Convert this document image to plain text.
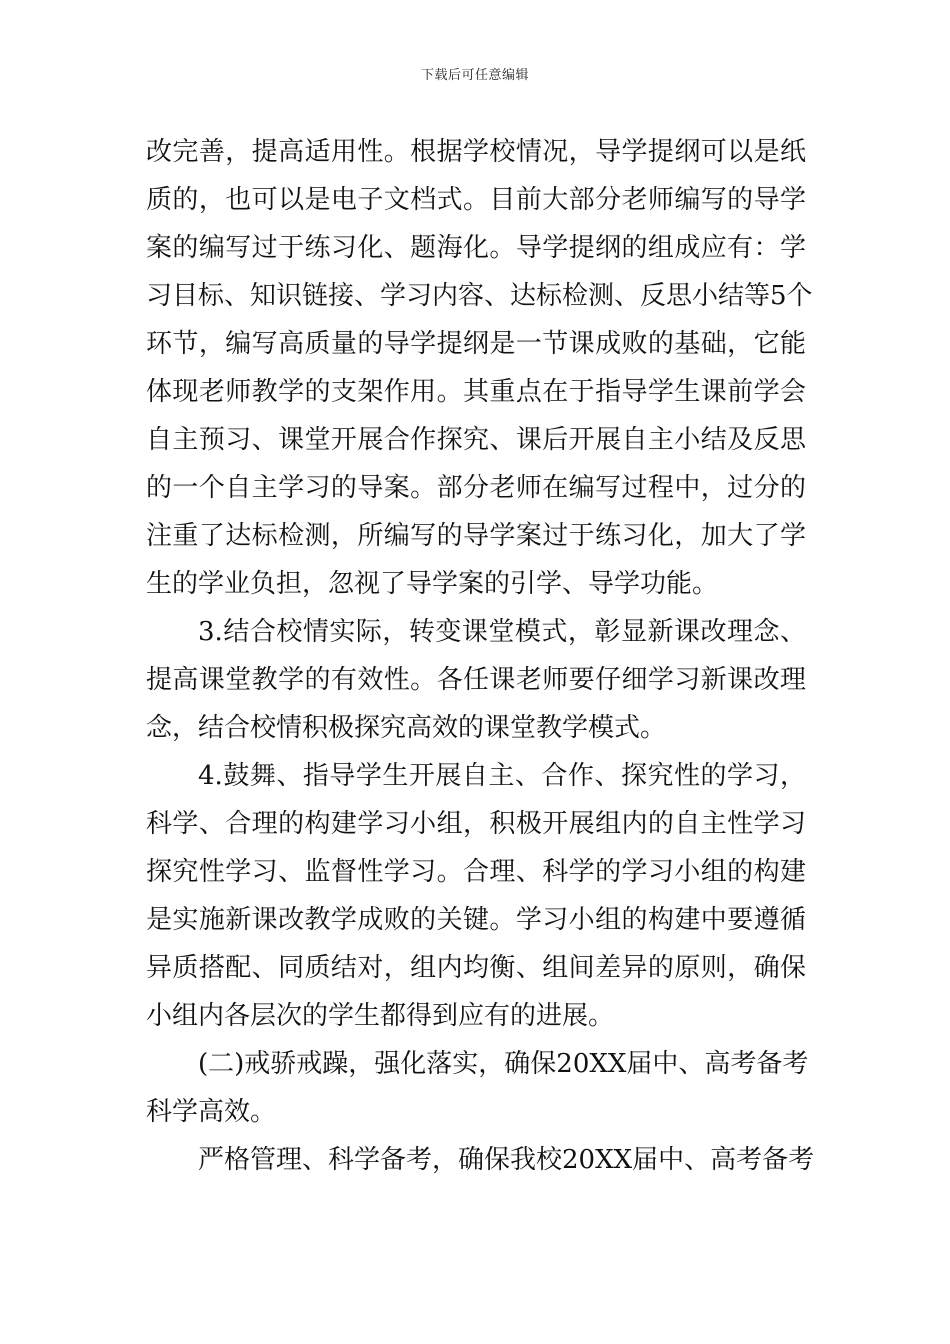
下载后可任意编辑
改完善，提高适用性。根据学校情况，导学提纲可以是纸
质的，也可以是电子文档式。目前大部分老师编写的导学
案的编写过于练习化、题海化。导学提纲的组成应有：学
习目标、知识链接、学习内容、达标检测、反思小结等5个
环节，编写高质量的导学提纲是一节课成败的基础，它能
体现老师教学的支架作用。其重点在于指导学生课前学会
自主预习、课堂开展合作探究、课后开展自主小结及反思
的一个自主学习的导案。部分老师在编写过程中，过分的
注重了达标检测，所编写的导学案过于练习化，加大了学
生的学业负担，忽视了导学案的引学、导学功能。
3.结合校情实际，转变课堂模式，彰显新课改理念、
提高课堂教学的有效性。各任课老师要仔细学习新课改理
念，结合校情积极探究高效的课堂教学模式。
4.鼓舞、指导学生开展自主、合作、探究性的学习，
科学、合理的构建学习小组，积极开展组内的自主性学习
探究性学习、监督性学习。合理、科学的学习小组的构建
是实施新课改教学成败的关键。学习小组的构建中要遵循
异质搭配、同质结对，组内均衡、组间差异的原则，确保
小组内各层次的学生都得到应有的进展。
(二)戒骄戒躁，强化落实，确保20XX届中、高考备考
科学高效。
严格管理、科学备考，确保我校20XX届中、高考备考
